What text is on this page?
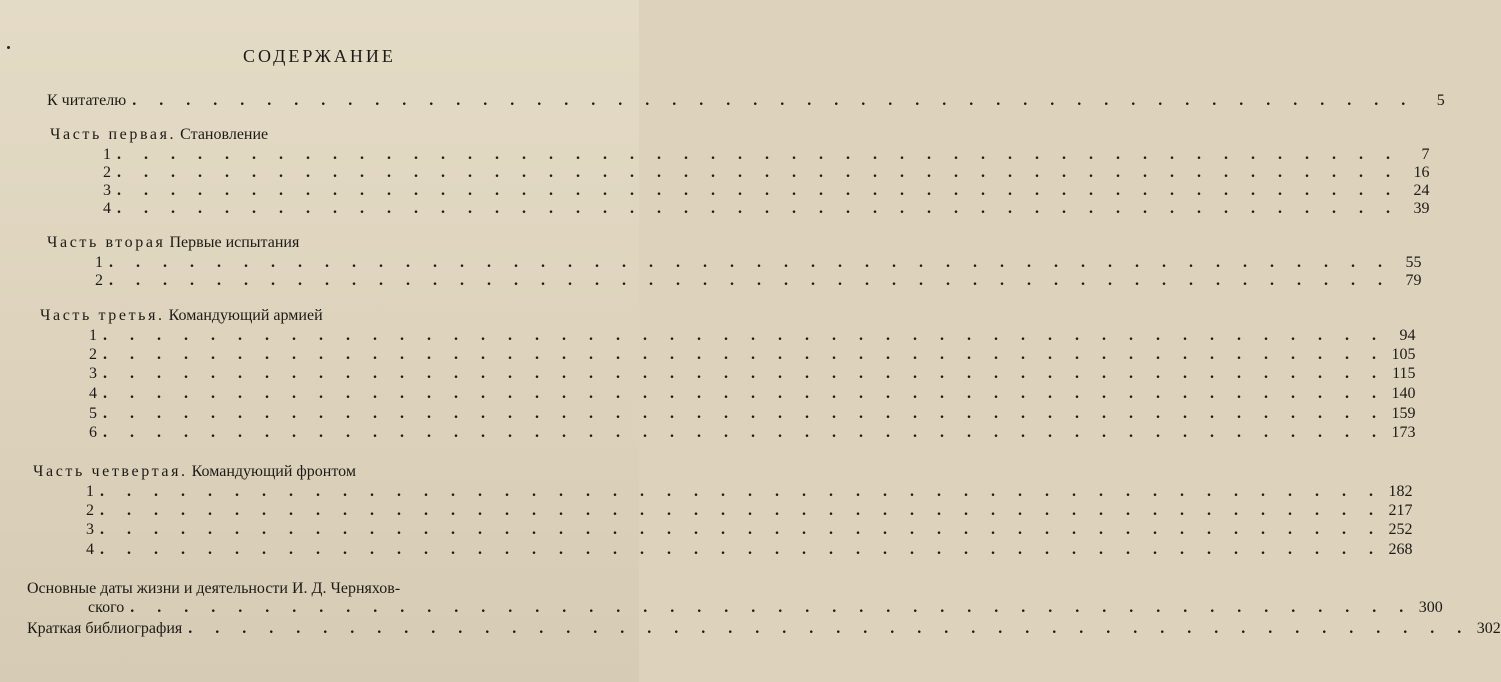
СОДЕРЖАНИЕ
К читателю . . . . . . . . . . . . . . . . . . . . . . . . . . . . . . . . . . . . . . . . . . . . . . . .	5
Часть первая. Становление
1 . . . . . . . . . . . . . . . . . . . . . . . . . . . . . . . . . . . . . . . . . . . . . . . .	7
2 . . . . . . . . . . . . . . . . . . . . . . . . . . . . . . . . . . . . . . . . . . . . . . . . 16
3 . . . . . . . . . . . . . . . . . . . . . . . . . . . . . . . . . . . . . . . . . . . . . . . . 24
4 . . . . . . . . . . . . . . . . . . . . . . . . . . . . . . . . . . . . . . . . . . . . . . . . 39
Часть вторая Первые испытания
1 . . . . . . . . . . . . . . . . . . . . . . . . . . . . . . . . . . . . . . . . . . . . . . . . 55
2 . . . . . . . . . . . . . . . . . . . . . . . . . . . . . . . . . . . . . . . . . . . . . . . . 79
Часть третья. Командующий армией
1 . . . . . . . . . . . . . . . . . . . . . . . . . . . . . . . . . . . . . . . . . . . . . . . . 94
2 . . . . . . . . . . . . . . . . . . . . . . . . . . . . . . . . . . . . . . . . . . . . . . . . 105
3 . . . . . . . . . . . . . . . . . . . . . . . . . . . . . . . . . . . . . . . . . . . . . . . . 115
4 . . . . . . . . . . . . . . . . . . . . . . . . . . . . . . . . . . . . . . . . . . . . . . . . 140
5 . . . . . . . . . . . . . . . . . . . . . . . . . . . . . . . . . . . . . . . . . . . . . . . . 159
6 . . . . . . . . . . . . . . . . . . . . . . . . . . . . . . . . . . . . . . . . . . . . . . . . 173
Часть четвертая. Командующий фронтом
1 . . . . . . . . . . . . . . . . . . . . . . . . . . . . . . . . . . . . . . . . . . . . . . . . 182
2 . . . . . . . . . . . . . . . . . . . . . . . . . . . . . . . . . . . . . . . . . . . . . . . . 217
3 . . . . . . . . . . . . . . . . . . . . . . . . . . . . . . . . . . . . . . . . . . . . . . . . 252
4 . . . . . . . . . . . . . . . . . . . . . . . . . . . . . . . . . . . . . . . . . . . . . . . . 268
Основные даты жизни и деятельности И. Д. Черняхов-
ского . . . . . . . . . . . . . . . . . . . . . . . . . . . . . . . . . . . . . . . . . . . . . . . . 300
Краткая библиография . . . . . . . . . . . . . . . . . . . . . . . . . . . . . . . . . . . . . . . . . . . . . . . . 302
